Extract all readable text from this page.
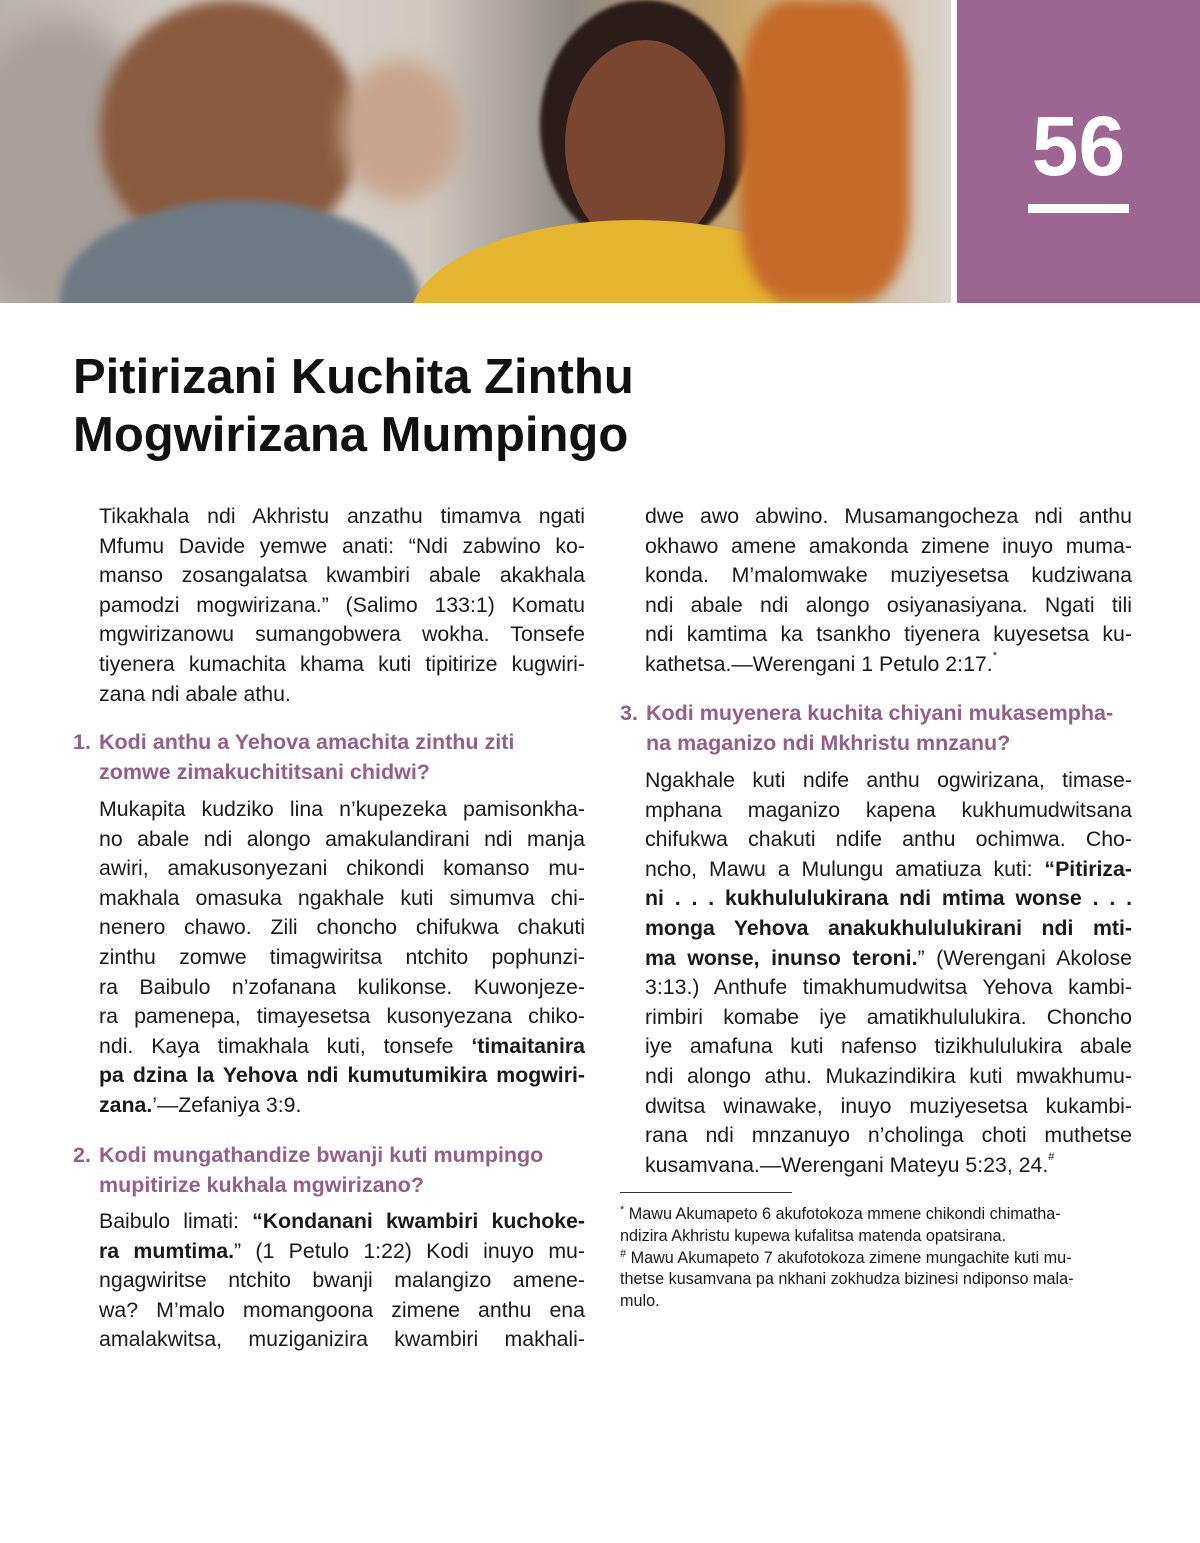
56
Pitirizani Kuchita Zinthu
Mogwirizana Mumpingo
Tikakhala ndi Akhristu anzathu timamva ngati
Mfumu Davide yemwe anati: “Ndi zabwino ko-
manso zosangalatsa kwambiri abale akakhala
pamodzi mogwirizana.” (Salimo 133:1) Komatu
mgwirizanowu sumangobwera wokha. Tonsefe
tiyenera kumachita khama kuti tipitirize kugwiri-
zana ndi abale athu.
1. Kodi anthu a Yehova amachita zinthu ziti
zomwe zimakuchititsani chidwi?
Mukapita kudziko lina n’kupezeka pamisonkha-
no abale ndi alongo amakulandirani ndi manja
awiri, amakusonyezani chikondi komanso mu-
makhala omasuka ngakhale kuti simumva chi-
nenero chawo. Zili choncho chifukwa chakuti
zinthu zomwe timagwiritsa ntchito pophunzi-
ra Baibulo n’zofanana kulikonse. Kuwonjeze-
ra pamenepa, timayesetsa kusonyezana chiko-
ndi. Kaya timakhala kuti, tonsefe ‘timaitanira
pa dzina la Yehova ndi kumutumikira mogwiri-
zana.’—Zefaniya 3:9.
2. Kodi mungathandize bwanji kuti mumpingo
mupitirize kukhala mgwirizano?
Baibulo limati: “Kondanani kwambiri kuchoke-
ra mumtima.” (1 Petulo 1:22) Kodi inuyo mu-
ngagwiritse ntchito bwanji malangizo amene-
wa? M’malo momangoona zimene anthu ena
amalakwitsa, muziganizira kwambiri makhali-
3. Kodi muyenera kuchita chiyani mukasempha-
na maganizo ndi Mkhristu mnzanu?
Ngakhale kuti ndife anthu ogwirizana, timase-
mphana maganizo kapena kukhumudwitsana
chifukwa chakuti ndife anthu ochimwa. Cho-
ncho, Mawu a Mulungu amatiuza kuti: “Pitiriza-
ni . . . kukhululukirana ndi mtima wonse . . .
monga Yehova anakukhululukirani ndi mti-
ma wonse, inunso teroni.” (Werengani Akolose
3:13.) Anthufe timakhumudwitsa Yehova kambi-
rimbiri komabe iye amatikhululukira. Choncho
iye amafuna kuti nafenso tizikhululukira abale
ndi alongo athu. Mukazindikira kuti mwakhumu-
dwitsa winawake, inuyo muziyesetsa kukambi-
rana ndi mnzanuyo n’cholinga choti muthetse
kusamvana.—Werengani Mateyu 5:23, 24.#
* Mawu Akumapeto 6 akufotokoza mmene chikondi chimatha-
ndizira Akhristu kupewa kufalitsa matenda opatsirana.
# Mawu Akumapeto 7 akufotokoza zimene mungachite kuti mu-
thetse kusamvana pa nkhani zokhudza bizinesi ndiponso mala-
mulo.
dwe awo abwino. Musamangocheza ndi anthu
okhawo amene amakonda zimene inuyo muma-
konda. M’malomwake muziyesetsa kudziwana
ndi abale ndi alongo osiyanasiyana. Ngati tili
ndi kamtima ka tsankho tiyenera kuyesetsa ku-
kathetsa.—Werengani 1 Petulo 2:17.*
